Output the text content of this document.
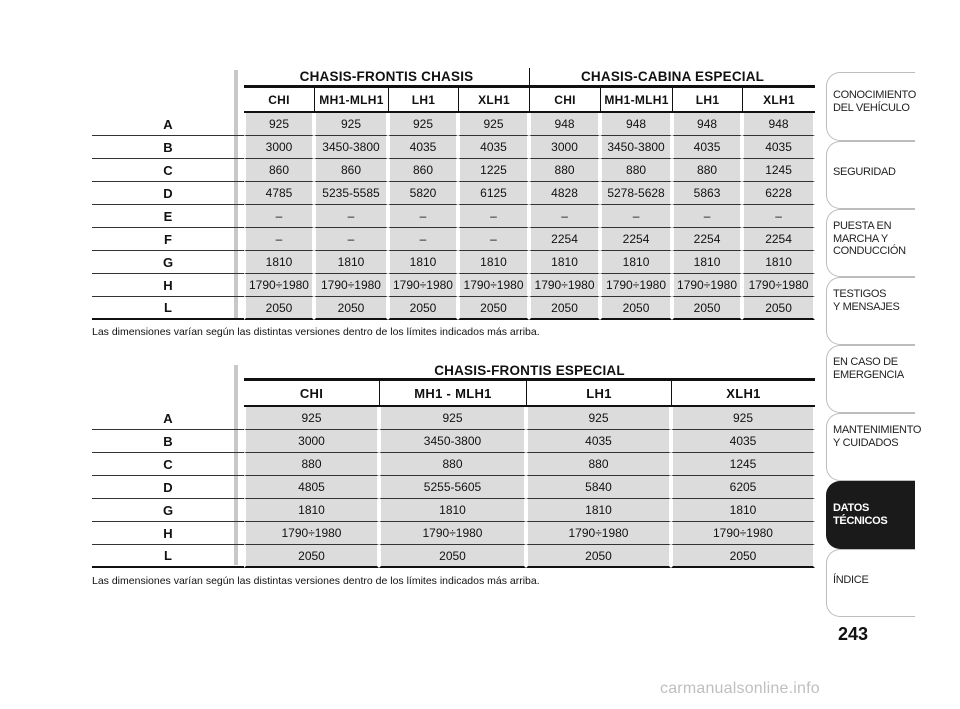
	CHASIS-FRONTIS CHASIS				CHASIS-CABINA ESPECIAL			
	CHI	MH1-MLH1	LH1	XLH1	CHI	MH1-MLH1	LH1	XLH1
A	925	925	925	925	948	948	948	948
B	3000	3450-3800	4035	4035	3000	3450-3800	4035	4035
C	860	860	860	1225	880	880	880	1245
D	4785	5235-5585	5820	6125	4828	5278-5628	5863	6228
E	–	–	–	–	–	–	–	–
F	–	–	–	–	2254	2254	2254	2254
G	1810	1810	1810	1810	1810	1810	1810	1810
H	1790÷1980	1790÷1980	1790÷1980	1790÷1980	1790÷1980	1790÷1980	1790÷1980	1790÷1980
L	2050	2050	2050	2050	2050	2050	2050	2050
Las dimensiones varían según las distintas versiones dentro de los límites indicados más arriba.
	CHASIS-FRONTIS ESPECIAL			
	CHI	MH1 - MLH1	LH1	XLH1
A	925	925	925	925
B	3000	3450-3800	4035	4035
C	880	880	880	1245
D	4805	5255-5605	5840	6205
G	1810	1810	1810	1810
H	1790÷1980	1790÷1980	1790÷1980	1790÷1980
L	2050	2050	2050	2050
Las dimensiones varían según las distintas versiones dentro de los límites indicados más arriba.
CONOCIMIENTO
DEL VEHÍCULO
SEGURIDAD
PUESTA EN
MARCHA Y
CONDUCCIÓN
TESTIGOS
Y MENSAJES
EN CASO DE
EMERGENCIA
MANTENIMIENTO
Y CUIDADOS
DATOS
TÉCNICOS
ÍNDICE
243
carmanualsonline.info
